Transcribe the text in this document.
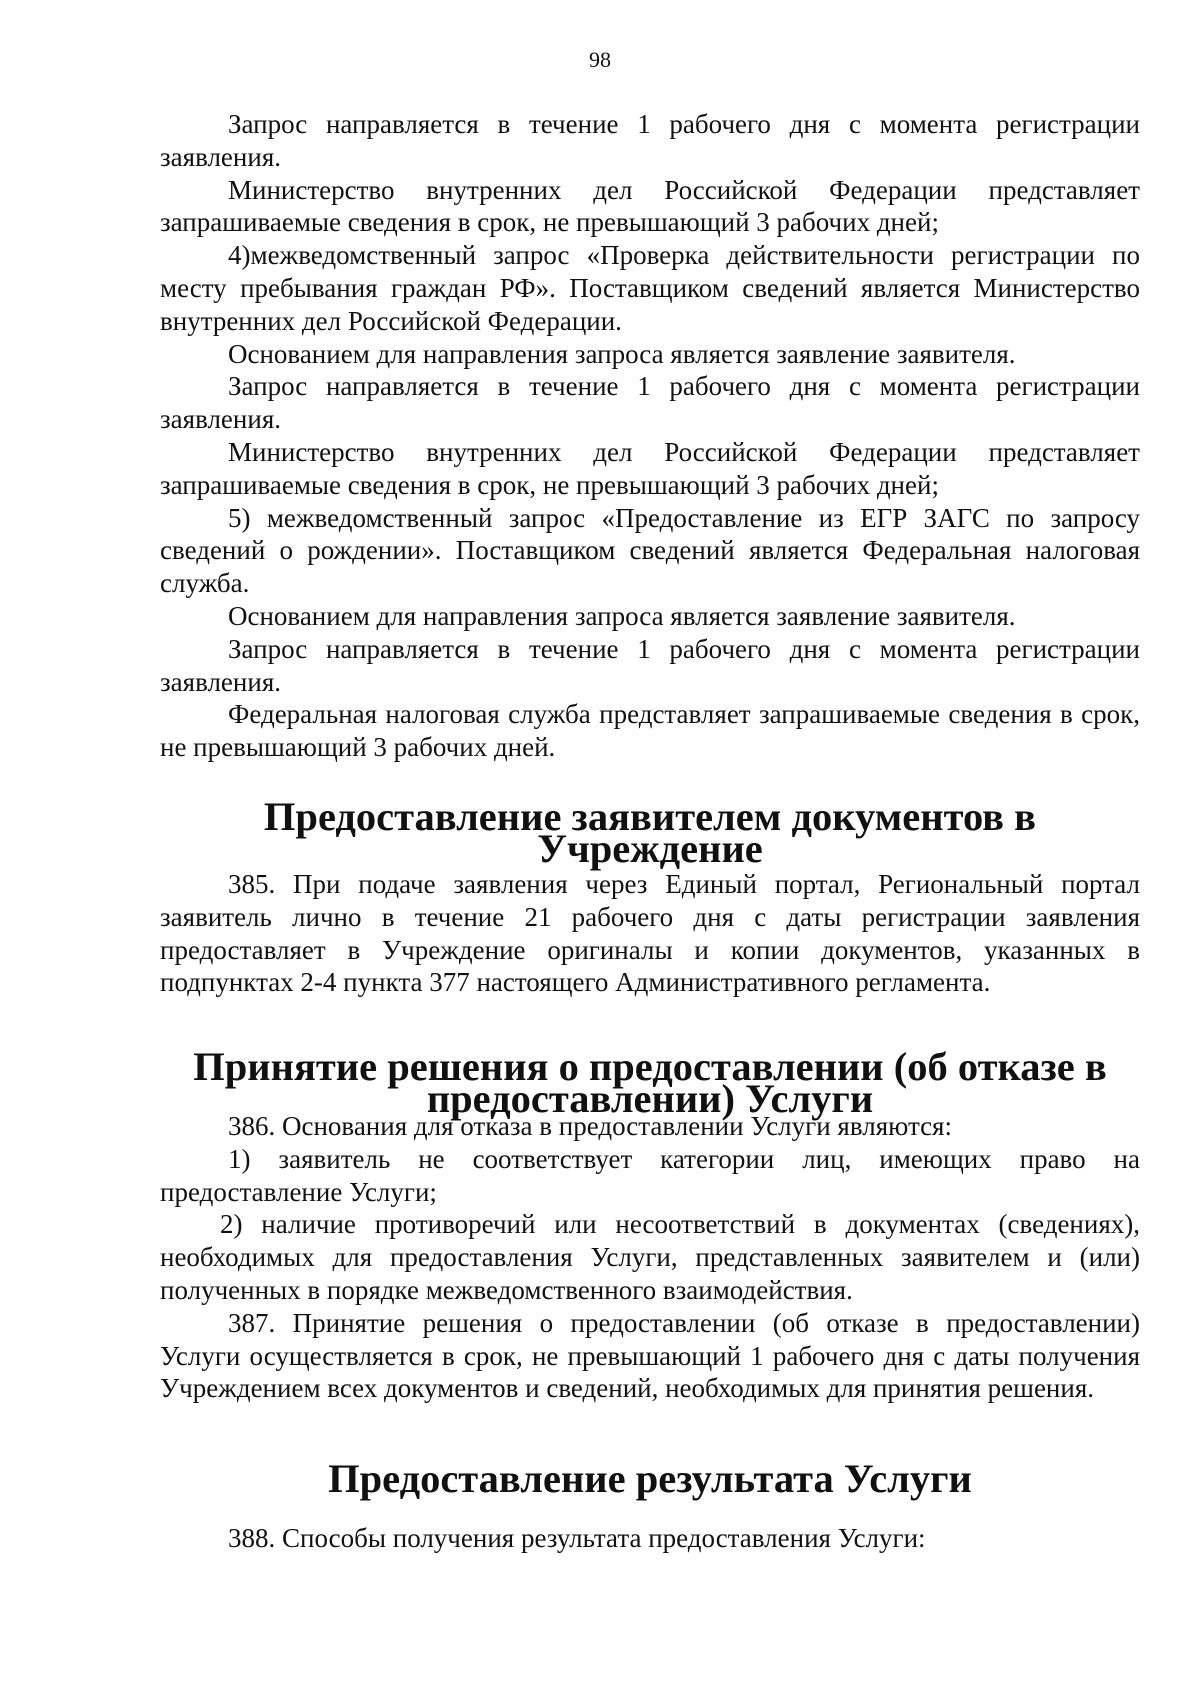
98

Запрос направляется в течение 1 рабочего дня с момента регистрации заявления.

Министерство внутренних дел Российской Федерации представляет запрашиваемые сведения в срок, не превышающий 3 рабочих дней;

4)межведомственный запрос «Проверка действительности регистрации по месту пребывания граждан РФ». Поставщиком сведений является Министерство внутренних дел Российской Федерации.

Основанием для направления запроса является заявление заявителя.

Запрос направляется в течение 1 рабочего дня с момента регистрации заявления.

Министерство внутренних дел Российской Федерации представляет запрашиваемые сведения в срок, не превышающий 3 рабочих дней;

5) межведомственный запрос «Предоставление из ЕГР ЗАГС по запросу сведений о рождении». Поставщиком сведений является Федеральная налоговая служба.

Основанием для направления запроса является заявление заявителя.

Запрос направляется в течение 1 рабочего дня с момента регистрации заявления.

Федеральная налоговая служба представляет запрашиваемые сведения в срок, не превышающий 3 рабочих дней.

Предоставление заявителем документов в Учреждение

385. При подаче заявления через Единый портал, Региональный портал заявитель лично в течение 21 рабочего дня с даты регистрации заявления предоставляет в Учреждение оригиналы и копии документов, указанных в подпунктах 2-4 пункта 377 настоящего Административного регламента.

Принятие решения о предоставлении (об отказе в предоставлении) Услуги

386. Основания для отказа в предоставлении Услуги являются:

1) заявитель не соответствует категории лиц, имеющих право на предоставление Услуги;

2) наличие противоречий или несоответствий в документах (сведениях), необходимых для предоставления Услуги, представленных заявителем и (или) полученных в порядке межведомственного взаимодействия.

387. Принятие решения о предоставлении (об отказе в предоставлении) Услуги осуществляется в срок, не превышающий 1 рабочего дня с даты получения Учреждением всех документов и сведений, необходимых для принятия решения.

Предоставление результата Услуги

388. Способы получения результата предоставления Услуги:
